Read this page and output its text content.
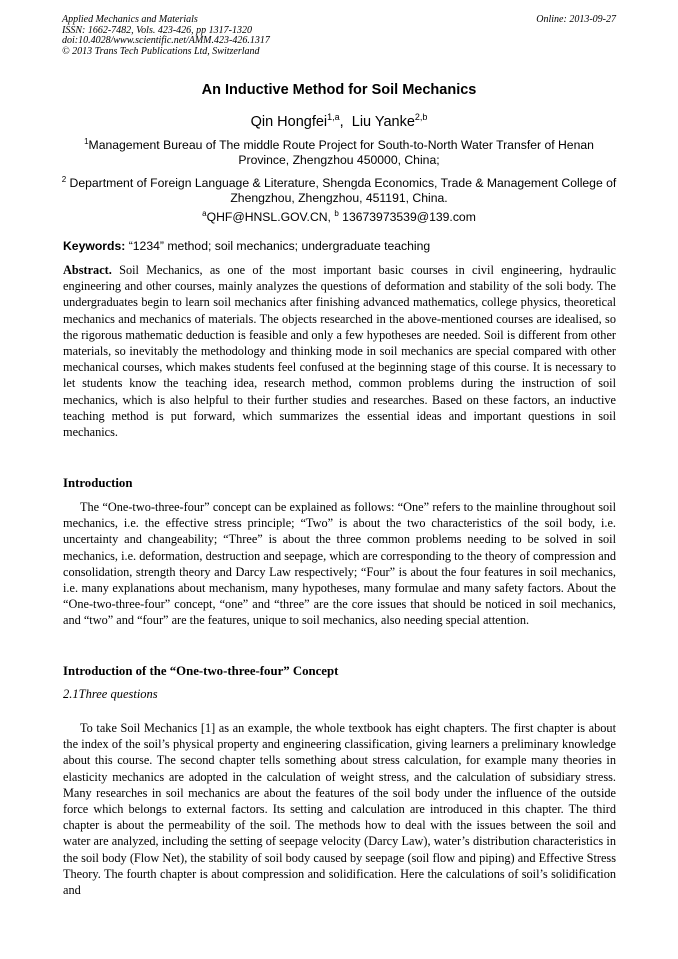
Applied Mechanics and Materials
ISSN: 1662-7482, Vols. 423-426, pp 1317-1320
doi:10.4028/www.scientific.net/AMM.423-426.1317
© 2013 Trans Tech Publications Ltd, Switzerland
Online: 2013-09-27
An Inductive Method for Soil Mechanics
Qin Hongfei$^{1,a}$,  Liu Yanke$^{2,b}$
$^1$Management Bureau of The middle Route Project for South-to-North Water Transfer of Henan Province, Zhengzhou 450000, China;
$^2$ Department of Foreign Language & Literature, Shengda Economics, Trade & Management College of Zhengzhou, Zhengzhou, 451191, China.
$^a$QHF@HNSL.GOV.CN, $^b$ 13673973539@139.com
Keywords: “1234” method; soil mechanics; undergraduate teaching
Abstract. Soil Mechanics, as one of the most important basic courses in civil engineering, hydraulic engineering and other courses, mainly analyzes the questions of deformation and stability of the soli body. The undergraduates begin to learn soil mechanics after finishing advanced mathematics, college physics, theoretical mechanics and mechanics of materials. The objects researched in the above-mentioned courses are idealised, so the rigorous mathematic deduction is feasible and only a few hypotheses are needed. Soil is different from other materials, so inevitably the methodology and thinking mode in soil mechanics are special compared with other mechanical courses, which makes students feel confused at the beginning stage of this course. It is necessary to let students know the teaching idea, research method, common problems during the instruction of soil mechanics, which is also helpful to their further studies and researches. Based on these factors, an inductive teaching method is put forward, which summarizes the essential ideas and important questions in soil mechanics.
Introduction
The “One-two-three-four” concept can be explained as follows: “One” refers to the mainline throughout soil mechanics, i.e. the effective stress principle; “Two” is about the two characteristics of the soil body, i.e. uncertainty and changeability; “Three” is about the three common problems needing to be solved in soil mechanics, i.e. deformation, destruction and seepage, which are corresponding to the theory of compression and consolidation, strength theory and Darcy Law respectively; “Four” is about the four features in soil mechanics, i.e. many explanations about mechanism, many hypotheses, many formulae and many safety factors. About the “One-two-three-four” concept, “one” and “three” are the core issues that should be noticed in soil mechanics, and “two” and “four” are the features, unique to soil mechanics, also needing special attention.
Introduction of the “One-two-three-four” Concept
2.1Three questions
To take Soil Mechanics [1] as an example, the whole textbook has eight chapters. The first chapter is about the index of the soil’s physical property and engineering classification, giving learners a preliminary knowledge about this course. The second chapter tells something about stress calculation, for example many theories in elasticity mechanics are adopted in the calculation of weight stress, and the calculation of subsidiary stress. Many researches in soil mechanics are about the features of the soil body under the influence of the outside force which belongs to external factors. Its setting and calculation are introduced in this chapter. The third chapter is about the permeability of the soil. The methods how to deal with the issues between the soil and water are analyzed, including the setting of seepage velocity (Darcy Law), water’s distribution characteristics in the soil body (Flow Net), the stability of soil body caused by seepage (soil flow and piping) and Effective Stress Theory. The fourth chapter is about compression and solidification. Here the calculations of soil’s solidification and
